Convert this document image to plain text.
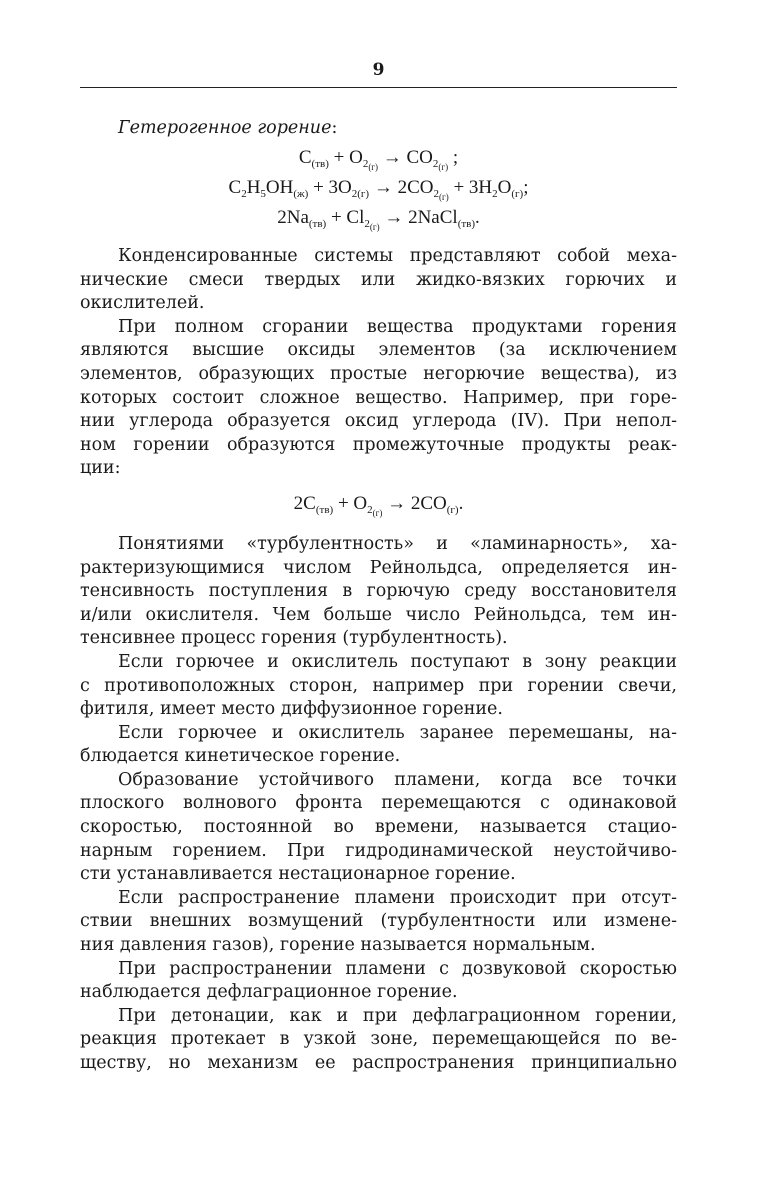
9
Гетерогенное горение:
$C_{(тв)} + O_{2_{(г)}} \to CO_{2_{(г)}}$ ;
$C_2H_5OH_{(ж)} + 3O_{2(г)} \to 2CO_{2_{(г)}} + 3H_2O_{(г)}$;
$2Na_{(тв)} + Cl_{2_{(г)}}$ → 2NaCl$_{(тв)}$.
Конденсированные системы представляют собой меха-
нические смеси твердых или жидко-вязких горючих и
окислителей.
При полном сгорании вещества продуктами горения
являются высшие оксиды элементов (за исключением
элементов, образующих простые негорючие вещества), из
которых состоит сложное вещество. Например, при горе-
нии углерода образуется оксид углерода (IV). При непол-
ном горении образуются промежуточные продукты реак-
ции:
$2C_{(тв)} + O_{2_{(г)}} \to 2CO_{(г)}$.
Понятиями «турбулентность» и «ламинарность», ха-
рактеризующимися числом Рейнольдса, определяется ин-
тенсивность поступления в горючую среду восстановителя
и/или окислителя. Чем больше число Рейнольдса, тем ин-
тенсивнее процесс горения (турбулентность).
Если горючее и окислитель поступают в зону реакции
с противоположных сторон, например при горении свечи,
фитиля, имеет место диффузионное горение.
Если горючее и окислитель заранее перемешаны, на-
блюдается кинетическое горение.
Образование устойчивого пламени, когда все точки
плоского волнового фронта перемещаются с одинаковой
скоростью, постоянной во времени, называется стацио-
нарным горением. При гидродинамической неустойчиво-
сти устанавливается нестационарное горение.
Если распространение пламени происходит при отсут-
ствии внешних возмущений (турбулентности или измене-
ния давления газов), горение называется нормальным.
При распространении пламени с дозвуковой скоростью
наблюдается дефлаграционное горение.
При детонации, как и при дефлаграционном горении,
реакция протекает в узкой зоне, перемещающейся по ве-
ществу, но механизм ее распространения принципиально
